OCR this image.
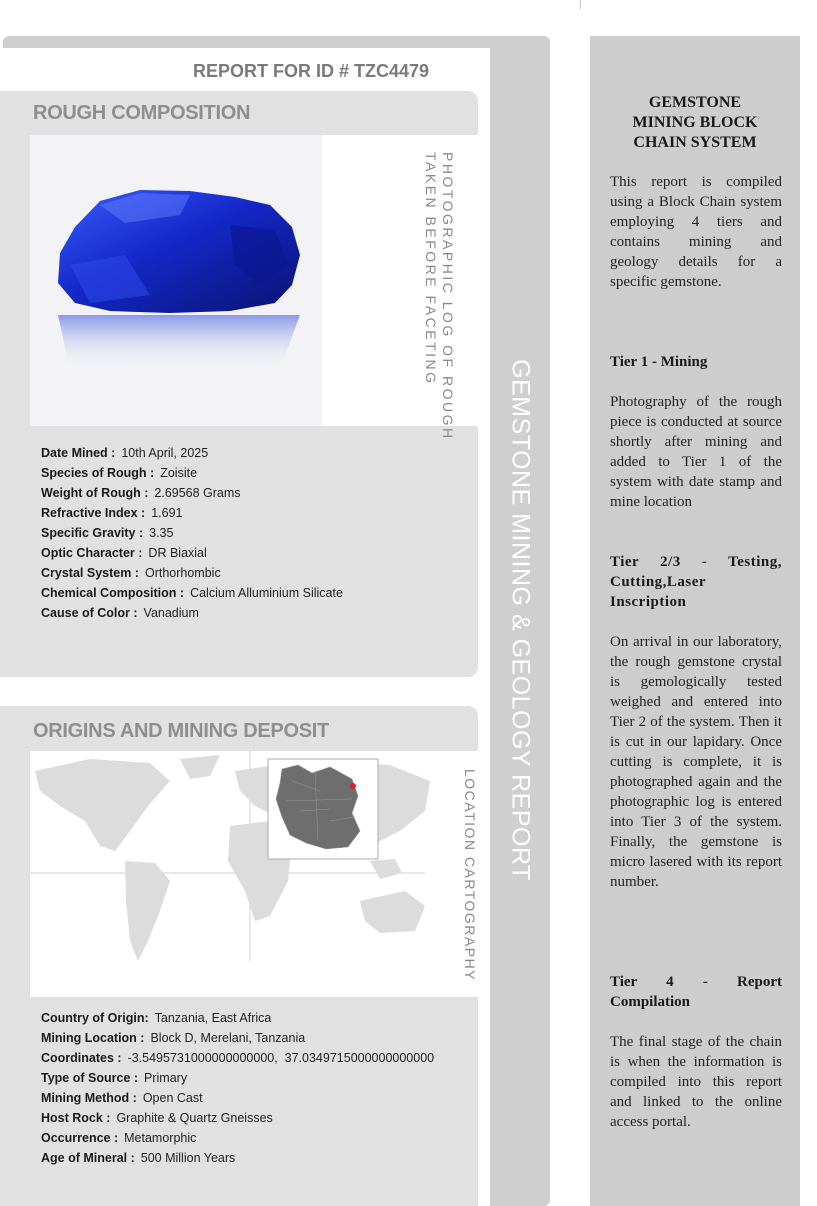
GEMSTONE MINING & GEOLOGY REPORT
REPORT FOR ID # TZC4479
ROUGH COMPOSITION
PHOTOGRAPHIC LOG OF ROUGH
TAKEN BEFORE FACETING
Date Mined : 10th April, 2025
Species of Rough : Zoisite
Weight of Rough : 2.69568 Grams
Refractive Index : 1.691
Specific Gravity : 3.35
Optic Character : DR Biaxial
Crystal System : Orthorhombic
Chemical Composition : Calcium Alluminium Silicate
Cause of Color : Vanadium
ORIGINS AND MINING DEPOSIT
LOCATION CARTOGRAPHY
Country of Origin: Tanzania, East Africa
Mining Location : Block D, Merelani, Tanzania
Coordinates : -3.5495731000000000000,  37.0349715000000000000
Type of Source : Primary
Mining Method : Open Cast
Host Rock : Graphite & Quartz Gneisses
Occurrence : Metamorphic
Age of Mineral : 500 Million Years
GEMSTONE
MINING BLOCK
CHAIN SYSTEM
This report is compiled using a Block Chain system employing 4 tiers and contains mining and geology details for a specific gemstone.
Tier 1 - Mining
Photography of the rough piece is conducted at source shortly after mining and added to Tier 1 of the system with date stamp and mine location
Tier 2/3 - Testing, Cutting,Laser Inscription
On arrival in our laboratory, the rough gemstone crystal is gemologically tested weighed and entered into Tier 2 of the system. Then it is cut in our lapidary. Once cutting is complete, it is photographed again and the photographic log is entered into Tier 3 of the system. Finally, the gemstone is micro lasered with its report number.
Tier 4 - Report Compilation
The final stage of the chain is when the information is compiled into this report and linked to the online access portal.
